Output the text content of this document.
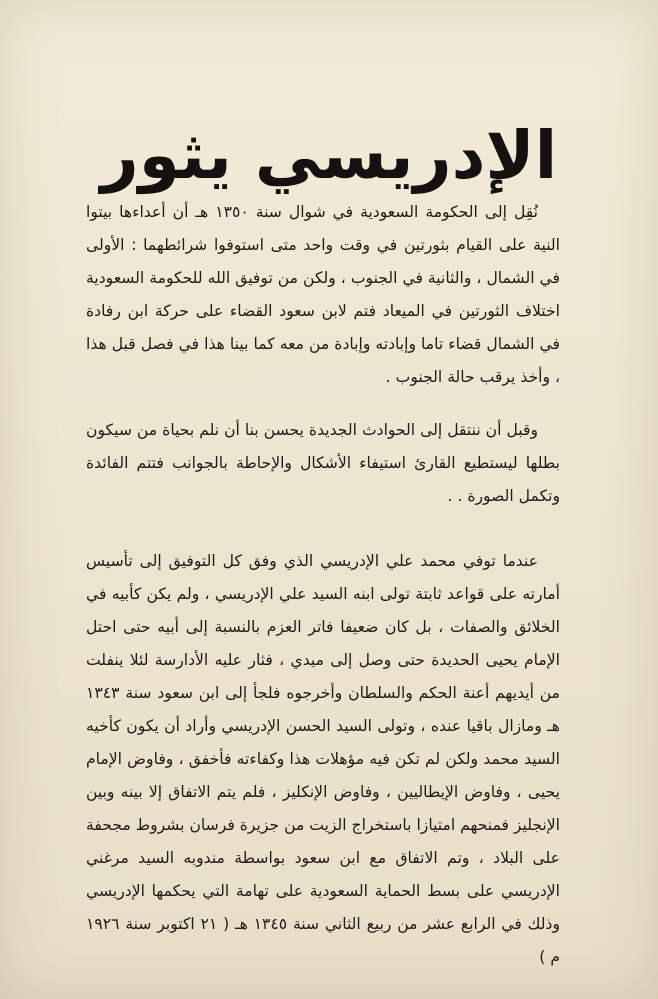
الإدريسي يثور

نُقِل إلى الحكومة السعودية في شوال سنة ١٣٥٠ هـ أن أعداءها بيتوا النية على القيام بثورتين في وقت واحد متى استوفوا شرائطهما : الأولى في الشمال ، والثانية في الجنوب ، ولكن من توفيق الله للحكومة السعودية اختلاف الثورتين في الميعاد فتم لابن سعود القضاء على حركة ابن رفادة في الشمال قضاء تاما وإبادته وإبادة من معه كما بينا هذا في فصل قبل هذا ، وأخذ يرقب حالة الجنوب .

وقبل أن ننتقل إلى الحوادث الجديدة يحسن بنا أن نلم بحياة من سيكون بطلها ليستطيع القارئ استيفاء الأشكال والإحاطة بالجوانب فتتم الفائدة وتكمل الصورة . .

عندما توفي محمد علي الإدريسي الذي وفق كل التوفيق إلى تأسيس أمارته على قواعد ثابتة تولى ابنه السيد علي الإدريسي ، ولم يكن كأبيه في الخلائق والصفات ، بل كان ضعيفا فاتر العزم بالنسبة إلى أبيه حتى احتل الإمام يحيى الحديدة حتى وصل إلى ميدي ، فثار عليه الأدارسة لئلا ينفلت من أيديهم أعنة الحكم والسلطان وأخرجوه فلجأ إلى ابن سعود سنة ١٣٤٣ هـ ومازال باقيا عنده ، وتولى السيد الحسن الإدريسي وأراد أن يكون كأخيه السيد محمد ولكن لم تكن فيه مؤهلات هذا وكفاءته فأخفق ، وفاوض الإمام يحيى ، وفاوض الإيطاليين ، وفاوض الإنكليز ، فلم يتم الاتفاق إلا بينه وبين الإنجليز فمنحهم امتيازا باستخراج الزيت من جزيرة فرسان بشروط مجحفة على البلاد ، وتم الاتفاق مع ابن سعود بواسطة مندوبه السيد مرغني الإدريسي على بسط الحماية السعودية على تهامة التي يحكمها الإدريسي وذلك في الرابع عشر من ربيع الثاني سنة ١٣٤٥ هـ ( ٢١ اكتوبر سنة ١٩٢٦ م )
